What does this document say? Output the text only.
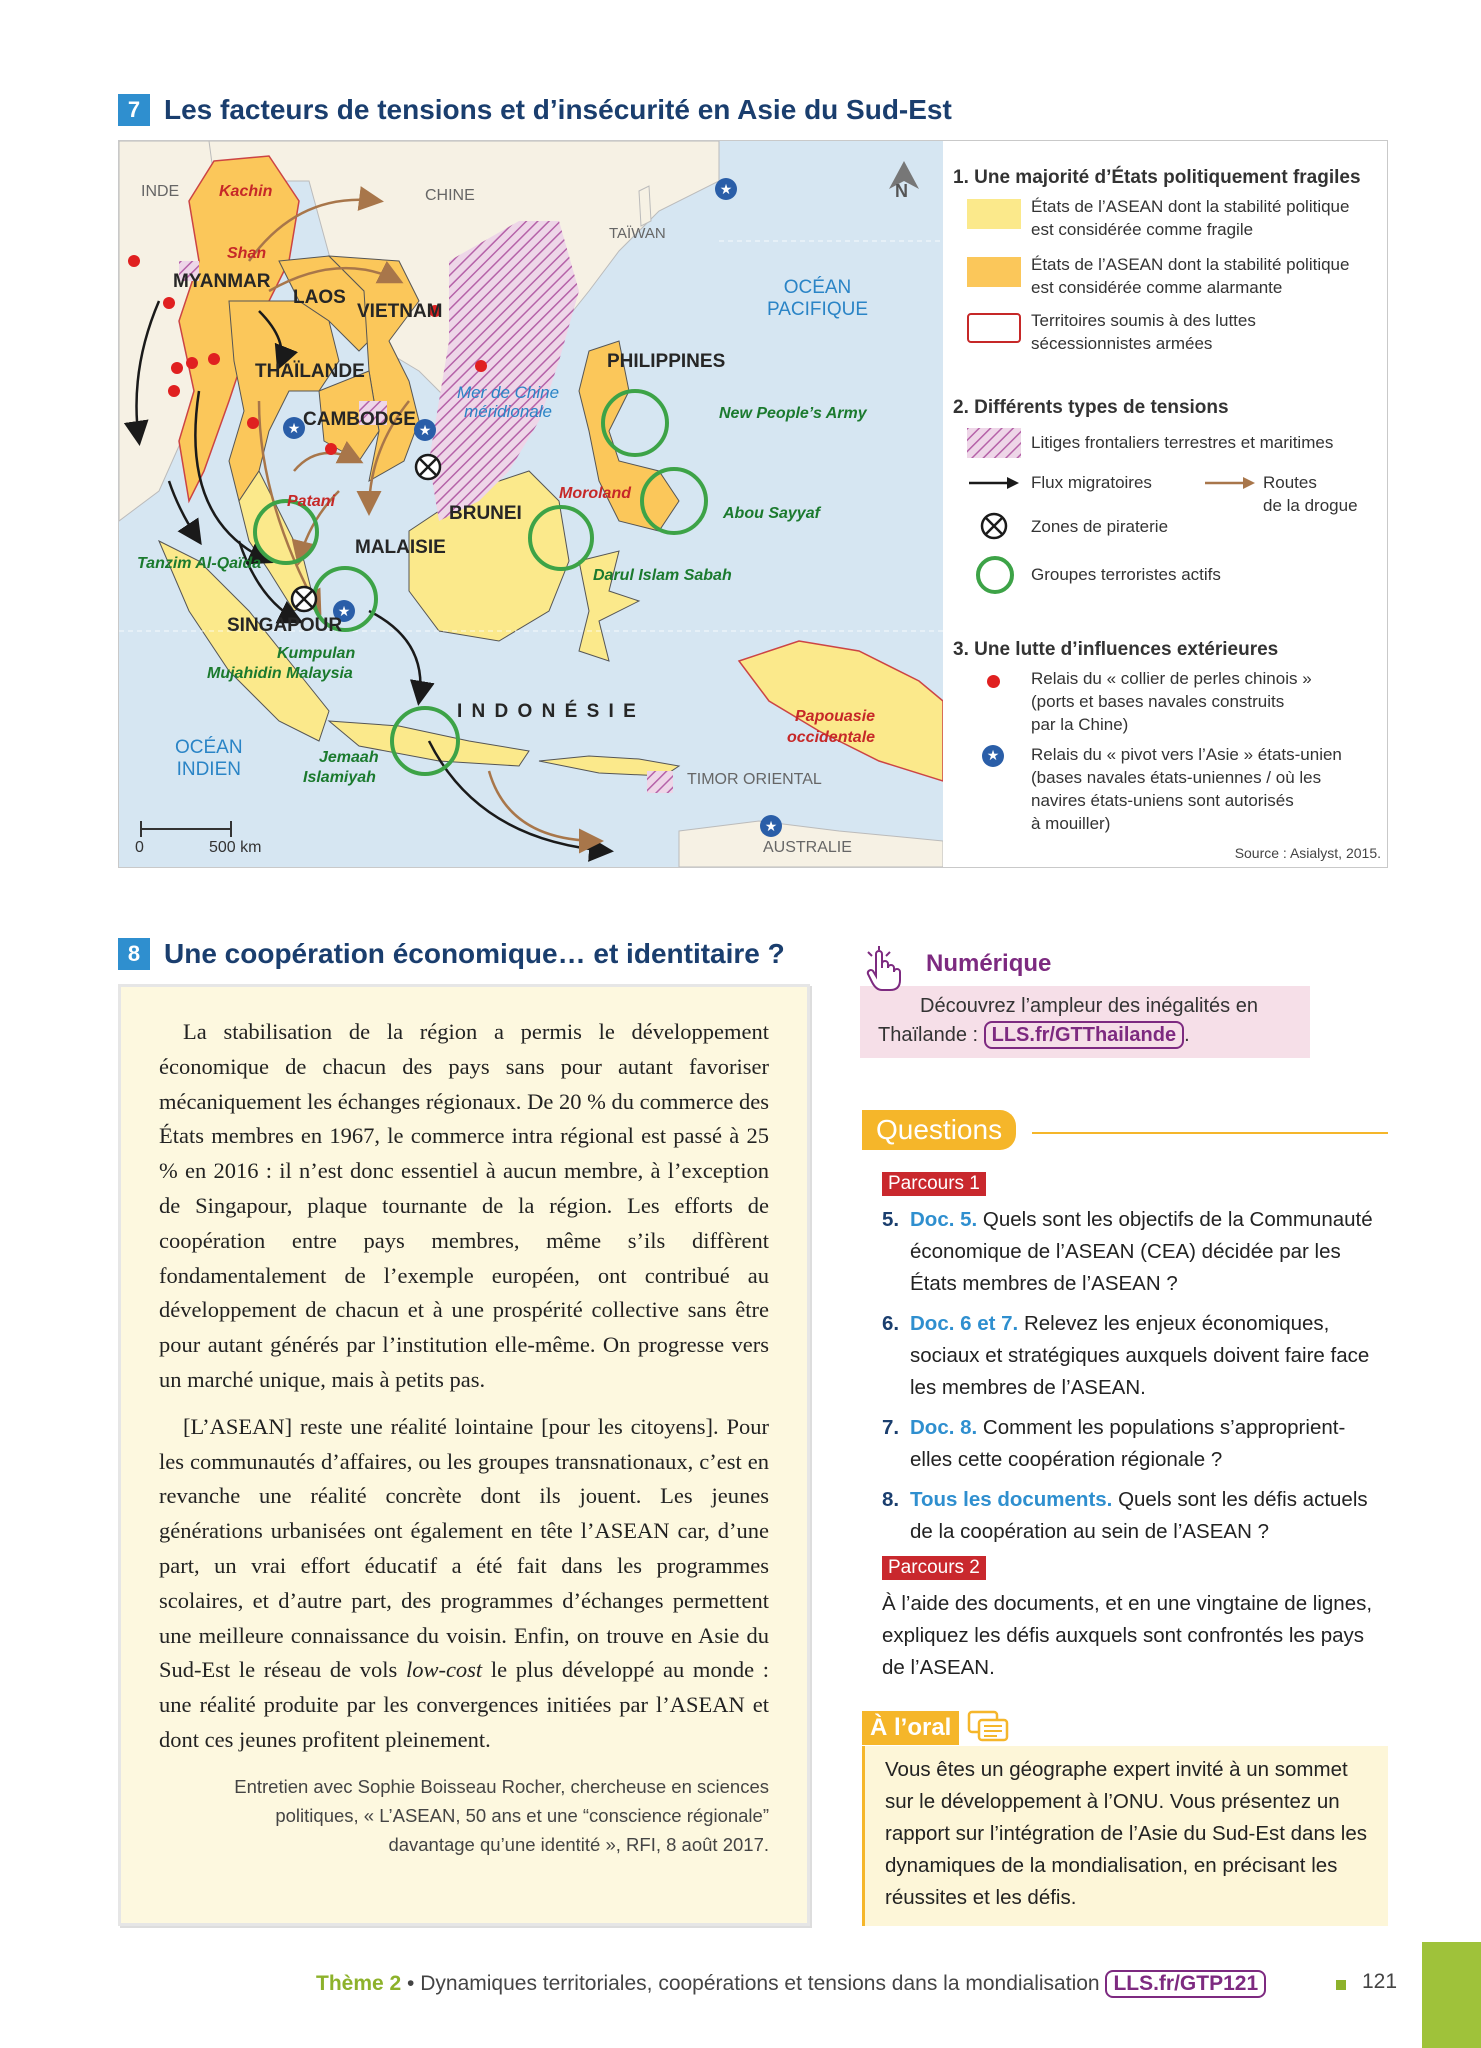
7 Les facteurs de tensions et d’insécurité en Asie du Sud-Est
★
★	★
★
★
INDE	CHINE
TAÏWAN
TIMOR ORIENTAL
AUSTRALIE
Kachin
Shan
Patani	Moroland
Papouasie
occidentale
MYANMAR
LAOS
VIETNAM
THAÏLANDE
CAMBODGE
PHILIPPINES
BRUNEI
MALAISIE
SINGAPOUR
I N D O N É S I E
New People’s Army
Abou Sayyaf
Darul Islam Sabah
Tanzim Al-Qaïda
Kumpulan
Mujahidin Malaysia
Jemaah
Islamiyah
OCÉAN
PACIFIQUE
OCÉAN
INDIEN
Mer de Chine
méridionale
N
0	500 km
1. Une majorité d’États politiquement fragiles
États de l’ASEAN dont la stabilité politique
est considérée comme fragile
États de l’ASEAN dont la stabilité politique
est considérée comme alarmante
Territoires soumis à des luttes
sécessionnistes armées
2. Différents types de tensions
Litiges frontaliers terrestres et maritimes
Flux migratoires	Routes
de la drogue
Zones de piraterie
Groupes terroristes actifs
3. Une lutte d’influences extérieures
Relais du « collier de perles chinois »
(ports et bases navales construits
par la Chine)
★ Relais du « pivot vers l’Asie » états-unien
(bases navales états-uniennes / où les
navires états-uniens sont autorisés
à mouiller)
Source : Asialyst, 2015.
8 Une coopération économique… et identitaire ?

La stabilisation de la région a permis le développement économique de chacun des pays sans pour autant favoriser mécaniquement les échanges régionaux. De 20 % du commerce des États membres en 1967, le commerce intra régional est passé à 25 % en 2016 : il n’est donc essentiel à aucun membre, à l’exception de Singapour, plaque tournante de la région. Les efforts de coopération entre pays membres, même s’ils diffèrent fondamentalement de l’exemple européen, ont contribué au développement de chacun et à une prospérité collective sans être pour autant générés par l’institution elle-même. On progresse vers un marché unique, mais à petits pas.

[L’ASEAN] reste une réalité lointaine [pour les citoyens]. Pour les communautés d’affaires, ou les groupes transnationaux, c’est en revanche une réalité concrète dont ils jouent. Les jeunes générations urbanisées ont également en tête l’ASEAN car, d’une part, un vrai effort éducatif a été fait dans les programmes scolaires, et d’autre part, des programmes d’échanges permettent une meilleure connaissance du voisin. Enfin, on trouve en Asie du Sud-Est le réseau de vols low-cost le plus développé au monde : une réalité produite par les convergences initiées par l’ASEAN et dont ces jeunes profitent pleinement.

Entretien avec Sophie Boisseau Rocher, chercheuse en sciences
politiques, « L’ASEAN, 50 ans et une “conscience régionale”
davantage qu’une identité », RFI, 8 août 2017.
Numérique
Découvrez l’ampleur des inégalités en Thaïlande : LLS.fr/GTThailande .
Questions
Parcours 1
5. Doc. 5. Quels sont les objectifs de la Communauté économique de l’ASEAN (CEA) décidée par les États membres de l’ASEAN ?
6. Doc. 6 et 7. Relevez les enjeux économiques, sociaux et stratégiques auxquels doivent faire face les membres de l’ASEAN.
7. Doc. 8. Comment les populations s’approprient-elles cette coopération régionale ?
8. Tous les documents. Quels sont les défis actuels de la coopération au sein de l’ASEAN ?
Parcours 2
À l’aide des documents, et en une vingtaine de lignes, expliquez les défis auxquels sont confrontés les pays de l’ASEAN.
À l’oral
Vous êtes un géographe expert invité à un sommet sur le développement à l’ONU. Vous présentez un rapport sur l’intégration de l’Asie du Sud-Est dans les dynamiques de la mondialisation, en précisant les réussites et les défis.
Thème 2 • Dynamiques territoriales, coopérations et tensions dans la mondialisation LLS.fr/GTP121	121
